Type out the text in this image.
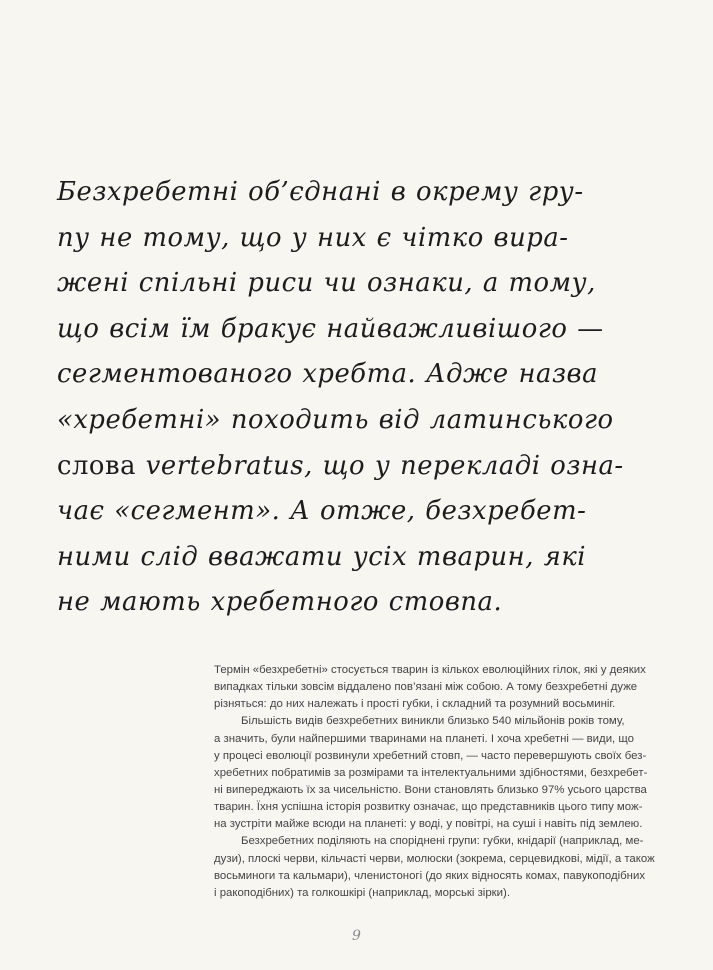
Безхребетні об’єднані в окрему гру-
пу не тому, що у них є чітко вира-
жені спільні риси чи ознаки, а тому,
що всім їм бракує найважливішого —
сегментованого хребта. Адже назва
«хребетні» походить від латинського
слова vertebratus, що у перекладі озна-
чає «сегмент». А отже, безхребет-
ними слід вважати усіх тварин, які
не мають хребетного стовпа.
Термін «безхребетні» стосується тварин із кількох еволюційних гілок, які у деяких
випадках тільки зовсім віддалено пов’язані між собою. А тому безхребетні дуже
різняться: до них належать і прості губки, і складний та розумний восьминіг.
Більшість видів безхребетних виникли близько 540 мільйонів років тому,
а значить, були найпершими тваринами на планеті. І хоча хребетні — види, що
у процесі еволюції розвинули хребетний стовп, — часто перевершують своїх без-
хребетних побратимів за розмірами та інтелектуальними здібностями, безхребет-
ні випереджають їх за чисельністю. Вони становлять близько 97% усього царства
тварин. Їхня успішна історія розвитку означає, що представників цього типу мож-
на зустріти майже всюди на планеті: у воді, у повітрі, на суші і навіть під землею.
Безхребетних поділяють на споріднені групи: губки, кнідарії (наприклад, ме-
дузи), плоскі черви, кільчасті черви, молюски (зокрема, серцевидкові, мідії, а також
восьминоги та кальмари), членистоногі (до яких відносять комах, павукоподібних
і ракоподібних) та голкошкірі (наприклад, морські зірки).
9
